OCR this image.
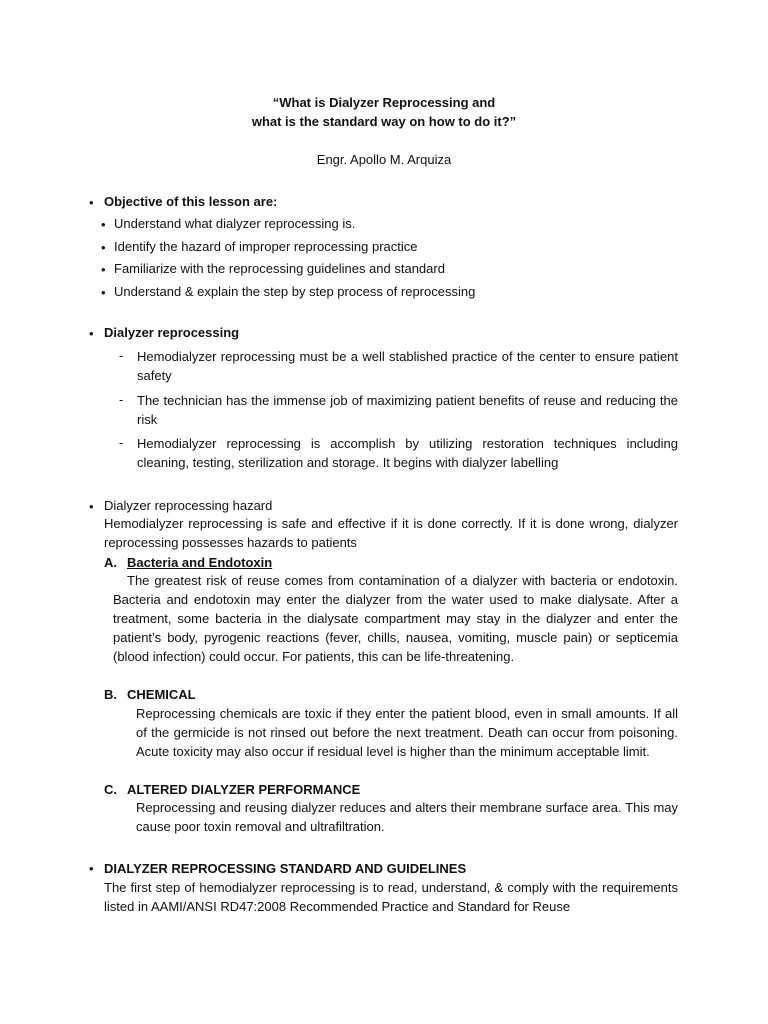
“What is Dialyzer Reprocessing and
what is the standard way on how to do it?”
Engr. Apollo M. Arquiza
• Objective of this lesson are:
• Understand what dialyzer reprocessing is.
• Identify the hazard of improper reprocessing practice
• Familiarize with the reprocessing guidelines and standard
• Understand & explain the step by step process of reprocessing
• Dialyzer reprocessing
- Hemodialyzer reprocessing must be a well stablished practice of the center to ensure patient safety
- The technician has the immense job of maximizing patient benefits of reuse and reducing the risk
- Hemodialyzer reprocessing is accomplish by utilizing restoration techniques including cleaning, testing, sterilization and storage. It begins with dialyzer labelling
• Dialyzer reprocessing hazard
Hemodialyzer reprocessing is safe and effective if it is done correctly. If it is done wrong, dialyzer reprocessing possesses hazards to patients
A. Bacteria and Endotoxin
The greatest risk of reuse comes from contamination of a dialyzer with bacteria or endotoxin. Bacteria and endotoxin may enter the dialyzer from the water used to make dialysate. After a treatment, some bacteria in the dialysate compartment may stay in the dialyzer and enter the patient’s body, pyrogenic reactions (fever, chills, nausea, vomiting, muscle pain) or septicemia (blood infection) could occur. For patients, this can be life-threatening.
B. CHEMICAL
Reprocessing chemicals are toxic if they enter the patient blood, even in small amounts. If all of the germicide is not rinsed out before the next treatment. Death can occur from poisoning. Acute toxicity may also occur if residual level is higher than the minimum acceptable limit.
C. ALTERED DIALYZER PERFORMANCE
Reprocessing and reusing dialyzer reduces and alters their membrane surface area. This may cause poor toxin removal and ultrafiltration.
• DIALYZER REPROCESSING STANDARD AND GUIDELINES
The first step of hemodialyzer reprocessing is to read, understand, & comply with the requirements listed in AAMI/ANSI RD47:2008 Recommended Practice and Standard for Reuse
